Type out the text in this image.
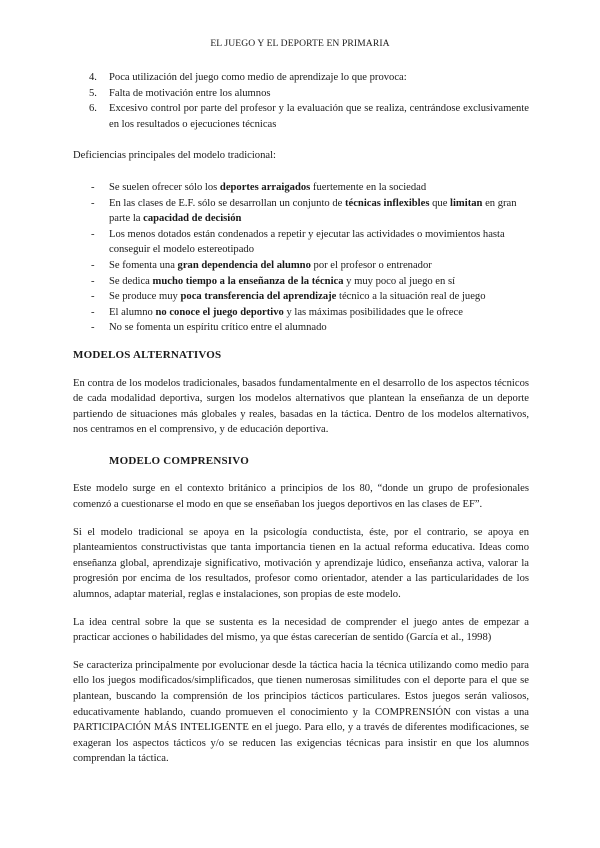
EL JUEGO Y EL DEPORTE EN PRIMARIA
4. Poca utilización del juego como medio de aprendizaje lo que provoca:
5. Falta de motivación entre los alumnos
6. Excesivo control por parte del profesor y la evaluación que se realiza, centrándose exclusivamente en los resultados o ejecuciones técnicas

Deficiencias principales del modelo tradicional:

- Se suelen ofrecer sólo los deportes arraigados fuertemente en la sociedad
- En las clases de E.F. sólo se desarrollan un conjunto de técnicas inflexibles que limitan en gran parte la capacidad de decisión
- Los menos dotados están condenados a repetir y ejecutar las actividades o movimientos hasta conseguir el modelo estereotipado
- Se fomenta una gran dependencia del alumno por el profesor o entrenador
- Se dedica mucho tiempo a la enseñanza de la técnica y muy poco al juego en sí
- Se produce muy poca transferencia del aprendizaje técnico a la situación real de juego
- El alumno no conoce el juego deportivo y las máximas posibilidades que le ofrece
- No se fomenta un espíritu crítico entre el alumnado
MODELOS ALTERNATIVOS

En contra de los modelos tradicionales, basados fundamentalmente en el desarrollo de los aspectos técnicos de cada modalidad deportiva, surgen los modelos alternativos que plantean la enseñanza de un deporte partiendo de situaciones más globales y reales, basadas en la táctica. Dentro de los modelos alternativos, nos centramos en el comprensivo, y de educación deportiva.

MODELO COMPRENSIVO

Este modelo surge en el contexto británico a principios de los 80, “donde un grupo de profesionales comenzó a cuestionarse el modo en que se enseñaban los juegos deportivos en las clases de EF”.

Si el modelo tradicional se apoya en la psicología conductista, éste, por el contrario, se apoya en planteamientos constructivistas que tanta importancia tienen en la actual reforma educativa. Ideas como enseñanza global, aprendizaje significativo, motivación y aprendizaje lúdico, enseñanza activa, valorar la progresión por encima de los resultados, profesor como orientador, atender a las particularidades de los alumnos, adaptar material, reglas e instalaciones, son propias de este modelo.

La idea central sobre la que se sustenta es la necesidad de comprender el juego antes de empezar a practicar acciones o habilidades del mismo, ya que éstas carecerían de sentido (García et al., 1998)

Se caracteriza principalmente por evolucionar desde la táctica hacia la técnica utilizando como medio para ello los juegos modificados/simplificados, que tienen numerosas similitudes con el deporte para el que se plantean, buscando la comprensión de los principios tácticos particulares. Estos juegos serán valiosos, educativamente hablando, cuando promueven el conocimiento y la COMPRENSIÓN con vistas a una PARTICIPACIÓN MÁS INTELIGENTE en el juego. Para ello, y a través de diferentes modificaciones, se exageran los aspectos tácticos y/o se reducen las exigencias técnicas para insistir en que los alumnos comprendan la táctica.
